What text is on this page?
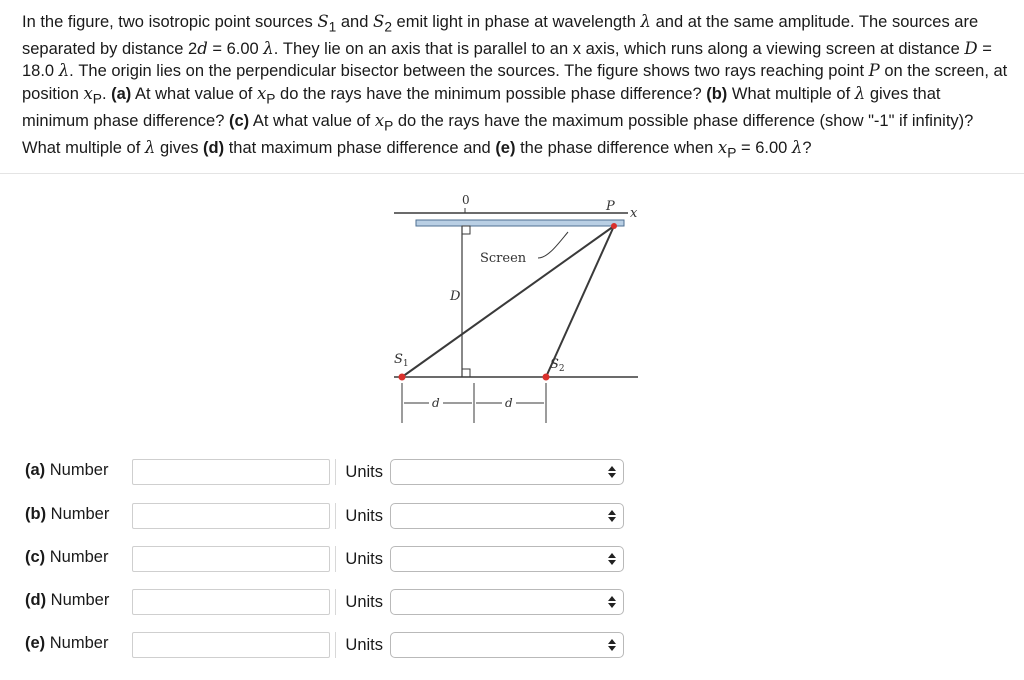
In the figure, two isotropic point sources $S_1$ and $S_2$ emit light in phase at wavelength λ and at the same amplitude. The sources are separated by distance 2d = 6.00 λ. They lie on an axis that is parallel to an x axis, which runs along a viewing screen at distance D = 18.0 λ. The origin lies on the perpendicular bisector between the sources. The figure shows two rays reaching point P on the screen, at position $x_P$. (a) At what value of $x_P$ do the rays have the minimum possible phase difference? (b) What multiple of λ gives that minimum phase difference? (c) At what value of $x_P$ do the rays have the maximum possible phase difference (show "-1" if infinity)? What multiple of λ gives (d) that maximum phase difference and (e) the phase difference when $x_P = 6.00$ λ?

0	P x
D
$S_1$	$S_2$
Screen
d	d
(a) Number	Units
(b) Number	Units
(c) Number	Units
(d) Number	Units
(e) Number	Units
